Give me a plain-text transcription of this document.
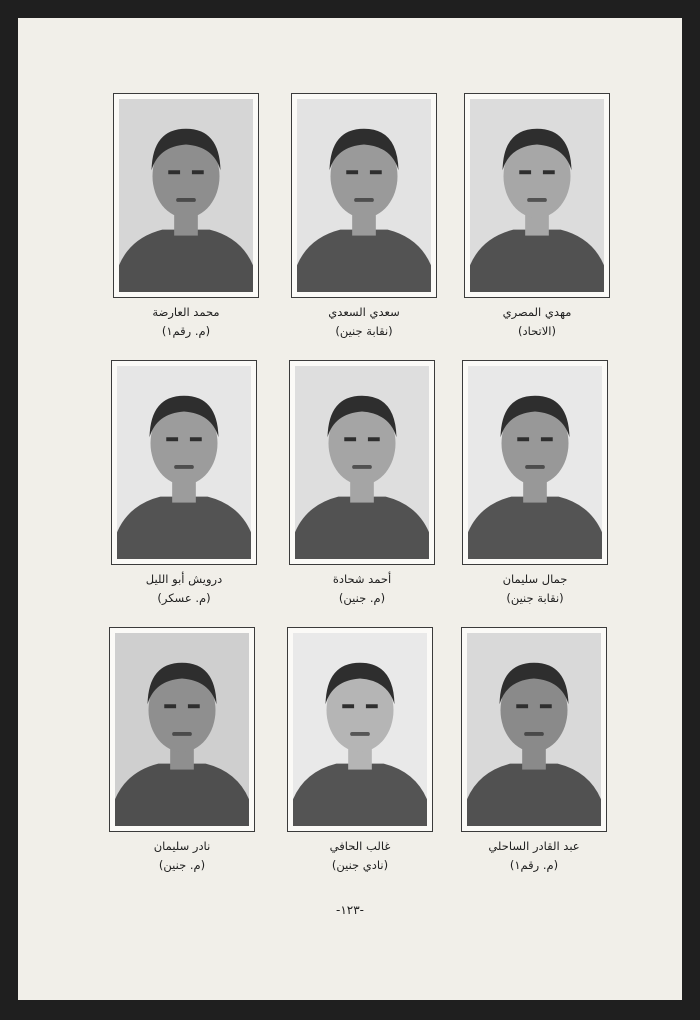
محمد العارضة
(م. رقم١)
سعدي السعدي
(نقابة جنين)
مهدي المصري
(الاتحاد)
درويش أبو الليل
(م. عسكر)
أحمد شحادة
(م. جنين)
جمال سليمان
(نقابة جنين)
نادر سليمان
(م. جنين)
غالب الحافي
(نادي جنين)
عبد القادر الساحلي
(م. رقم١)
-١٢٣-
